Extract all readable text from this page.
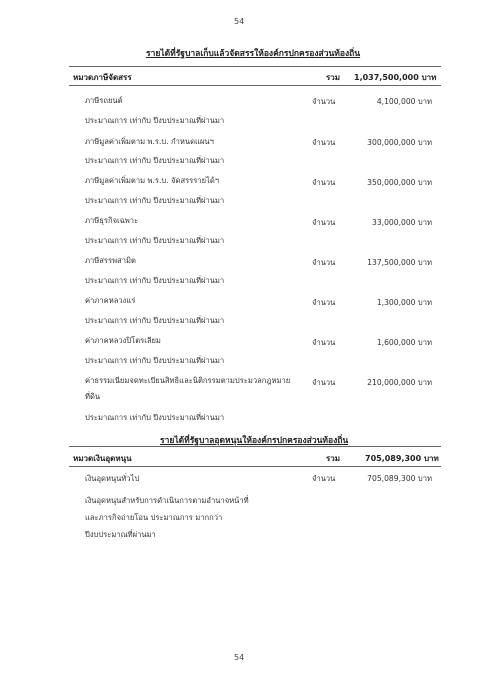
54
รายได้ที่รัฐบาลเก็บแล้วจัดสรรให้องค์กรปกครองส่วนท้องถิ่น
หมวดภาษีจัดสรร	รวม 1,037,500,000 บาท
ภาษีรถยนต์	จำนวน	4,100,000 บาท
ประมาณการ เท่ากับ ปีงบประมาณที่ผ่านมา
ภาษีมูลค่าเพิ่มตาม พ.ร.บ. กำหนดแผนฯ	จำนวน	300,000,000 บาท
ประมาณการ เท่ากับ ปีงบประมาณที่ผ่านมา
ภาษีมูลค่าเพิ่มตาม พ.ร.บ. จัดสรรรายได้ฯ	จำนวน	350,000,000 บาท
ประมาณการ เท่ากับ ปีงบประมาณที่ผ่านมา
ภาษีธุรกิจเฉพาะ	จำนวน	33,000,000 บาท
ประมาณการ เท่ากับ ปีงบประมาณที่ผ่านมา
ภาษีสรรพสามิต	จำนวน	137,500,000 บาท
ประมาณการ เท่ากับ ปีงบประมาณที่ผ่านมา
ค่าภาคหลวงแร่	จำนวน	1,300,000 บาท
ประมาณการ เท่ากับ ปีงบประมาณที่ผ่านมา
ค่าภาคหลวงปิโตรเลียม	จำนวน	1,600,000 บาท
ประมาณการ เท่ากับ ปีงบประมาณที่ผ่านมา
ค่าธรรมเนียมจดทะเบียนสิทธิและนิติกรรมตามประมวลกฎหมาย
ที่ดิน
จำนวน	210,000,000 บาท
ประมาณการ เท่ากับ ปีงบประมาณที่ผ่านมา
รายได้ที่รัฐบาลอุดหนุนให้องค์กรปกครองส่วนท้องถิ่น
หมวดเงินอุดหนุน	รวม	705,089,300 บาท
เงินอุดหนุนทั่วไป	จำนวน	705,089,300 บาท
เงินอุดหนุนสำหรับการดำเนินการตามอำนาจหน้าที่
และภารกิจถ่ายโอน ประมาณการ มากกว่า
ปีงบประมาณที่ผ่านมา
54
